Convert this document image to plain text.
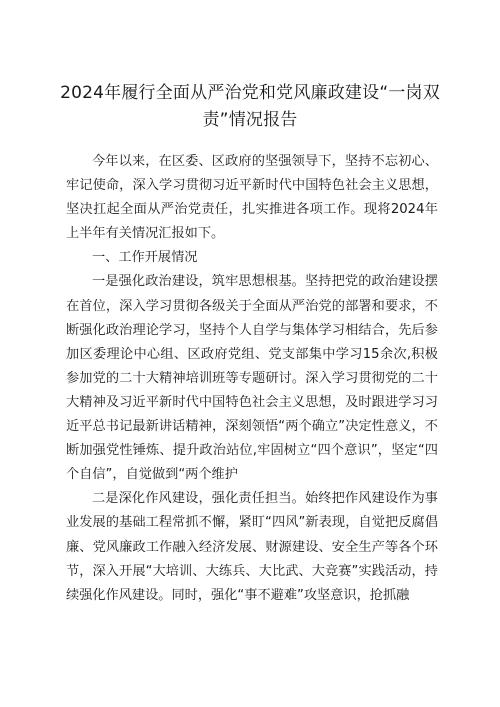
2024年履行全面从严治党和党风廉政建设“一岗双责”情况报告

今年以来，在区委、区政府的坚强领导下，坚持不忘初心、牢记使命，深入学习贯彻习近平新时代中国特色社会主义思想，坚决扛起全面从严治党责任，扎实推进各项工作。现将2024年上半年有关情况汇报如下。

一、工作开展情况

一是强化政治建设，筑牢思想根基。坚持把党的政治建设摆在首位，深入学习贯彻各级关于全面从严治党的部署和要求，不断强化政治理论学习，坚持个人自学与集体学习相结合，先后参加区委理论中心组、区政府党组、党支部集中学习15余次,积极参加党的二十大精神培训班等专题研讨。深入学习贯彻党的二十大精神及习近平新时代中国特色社会主义思想，及时跟进学习习近平总书记最新讲话精神，深刻领悟“两个确立”决定性意义，不断加强党性锤炼、提升政治站位,牢固树立“四个意识”，坚定“四个自信”，自觉做到“两个维护

二是深化作风建设，强化责任担当。始终把作风建设作为事业发展的基础工程常抓不懈，紧盯“四风”新表现，自觉把反腐倡廉、党风廉政工作融入经济发展、财源建设、安全生产等各个环节，深入开展“大培训、大练兵、大比武、大竞赛”实践活动，持续强化作风建设。同时，强化“事不避难”攻坚意识，抢抓融
